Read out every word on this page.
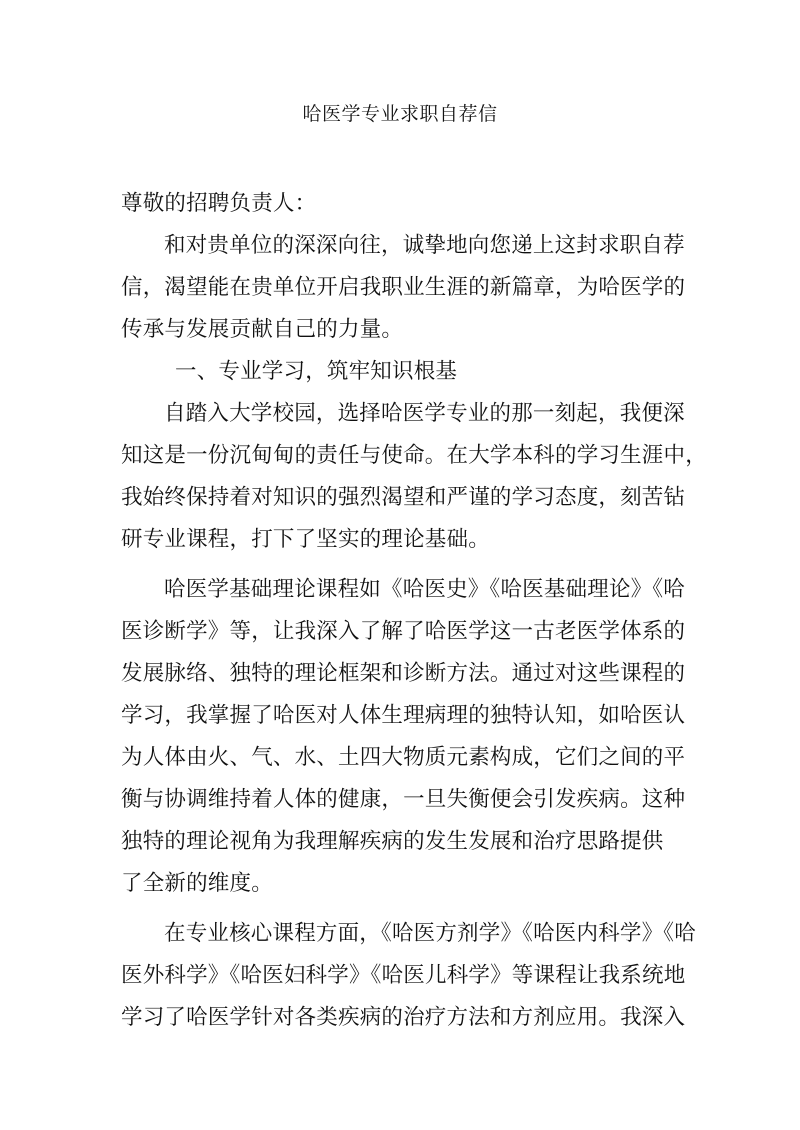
哈医学专业求职自荐信
尊敬的招聘负责人：
和对贵单位的深深向往，诚挚地向您递上这封求职自荐
信，渴望能在贵单位开启我职业生涯的新篇章，为哈医学的
传承与发展贡献自己的力量。
一、专业学习，筑牢知识根基
自踏入大学校园，选择哈医学专业的那一刻起，我便深
知这是一份沉甸甸的责任与使命。在大学本科的学习生涯中，
我始终保持着对知识的强烈渴望和严谨的学习态度，刻苦钻
研专业课程，打下了坚实的理论基础。
哈医学基础理论课程如《哈医史》《哈医基础理论》《哈
医诊断学》等，让我深入了解了哈医学这一古老医学体系的
发展脉络、独特的理论框架和诊断方法。通过对这些课程的
学习，我掌握了哈医对人体生理病理的独特认知，如哈医认
为人体由火、气、水、土四大物质元素构成，它们之间的平
衡与协调维持着人体的健康，一旦失衡便会引发疾病。这种
独特的理论视角为我理解疾病的发生发展和治疗思路提供
了全新的维度。
在专业核心课程方面，《哈医方剂学》《哈医内科学》《哈
医外科学》《哈医妇科学》《哈医儿科学》等课程让我系统地
学习了哈医学针对各类疾病的治疗方法和方剂应用。我深入
